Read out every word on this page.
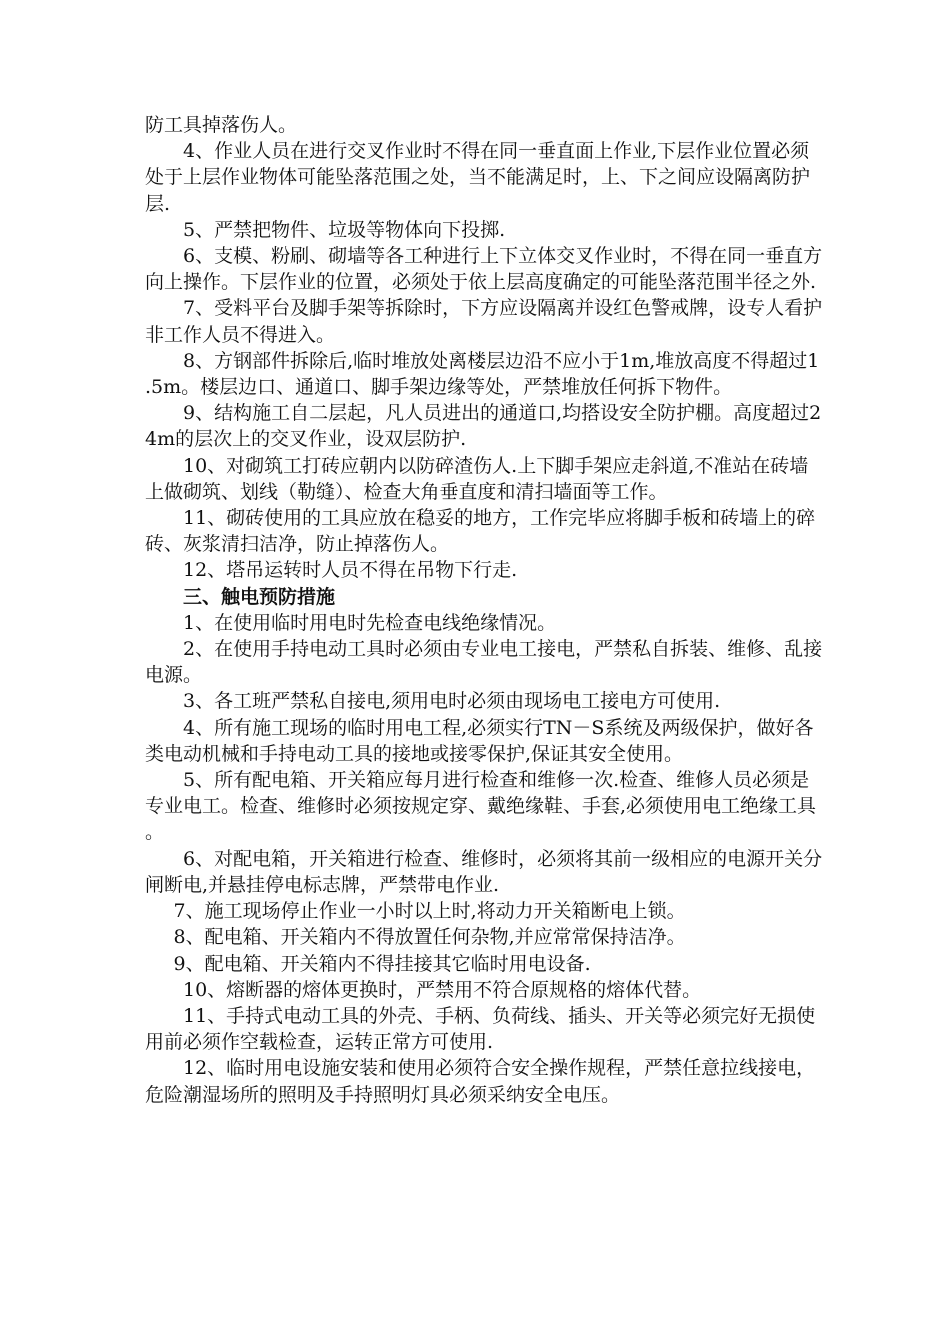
防工具掉落伤人。

4、作业人员在进行交叉作业时不得在同一垂直面上作业,下层作业位置必须处于上层作业物体可能坠落范围之处，当不能满足时，上、下之间应设隔离防护层.

5、严禁把物件、垃圾等物体向下投掷.

6、支模、粉刷、砌墙等各工种进行上下立体交叉作业时，不得在同一垂直方向上操作。下层作业的位置，必须处于依上层高度确定的可能坠落范围半径之外.

7、受料平台及脚手架等拆除时，下方应设隔离并设红色警戒牌，设专人看护非工作人员不得进入。

8、方钢部件拆除后,临时堆放处离楼层边沿不应小于1m,堆放高度不得超过1.5m。楼层边口、通道口、脚手架边缘等处，严禁堆放任何拆下物件。

9、结构施工自二层起，凡人员进出的通道口,均搭设安全防护棚。高度超过24m的层次上的交叉作业，设双层防护.

10、对砌筑工打砖应朝内以防碎渣伤人.上下脚手架应走斜道,不准站在砖墙上做砌筑、划线（勒缝）、检查大角垂直度和清扫墙面等工作。

11、砌砖使用的工具应放在稳妥的地方，工作完毕应将脚手板和砖墙上的碎砖、灰浆清扫洁净，防止掉落伤人。

12、塔吊运转时人员不得在吊物下行走.

三、触电预防措施

1、在使用临时用电时先检查电线绝缘情况。

2、在使用手持电动工具时必须由专业电工接电，严禁私自拆装、维修、乱接电源。

3、各工班严禁私自接电,须用电时必须由现场电工接电方可使用.

4、所有施工现场的临时用电工程,必须实行TN－S系统及两级保护，做好各类电动机械和手持电动工具的接地或接零保护,保证其安全使用。

5、所有配电箱、开关箱应每月进行检查和维修一次.检查、维修人员必须是专业电工。检查、维修时必须按规定穿、戴绝缘鞋、手套,必须使用电工绝缘工具。

6、对配电箱，开关箱进行检查、维修时，必须将其前一级相应的电源开关分闸断电,并悬挂停电标志牌，严禁带电作业.

7、施工现场停止作业一小时以上时,将动力开关箱断电上锁。

8、配电箱、开关箱内不得放置任何杂物,并应常常保持洁净。

9、配电箱、开关箱内不得挂接其它临时用电设备.

10、熔断器的熔体更换时，严禁用不符合原规格的熔体代替。

11、手持式电动工具的外壳、手柄、负荷线、插头、开关等必须完好无损使用前必须作空载检查，运转正常方可使用.

12、临时用电设施安装和使用必须符合安全操作规程，严禁任意拉线接电，危险潮湿场所的照明及手持照明灯具必须采纳安全电压。
